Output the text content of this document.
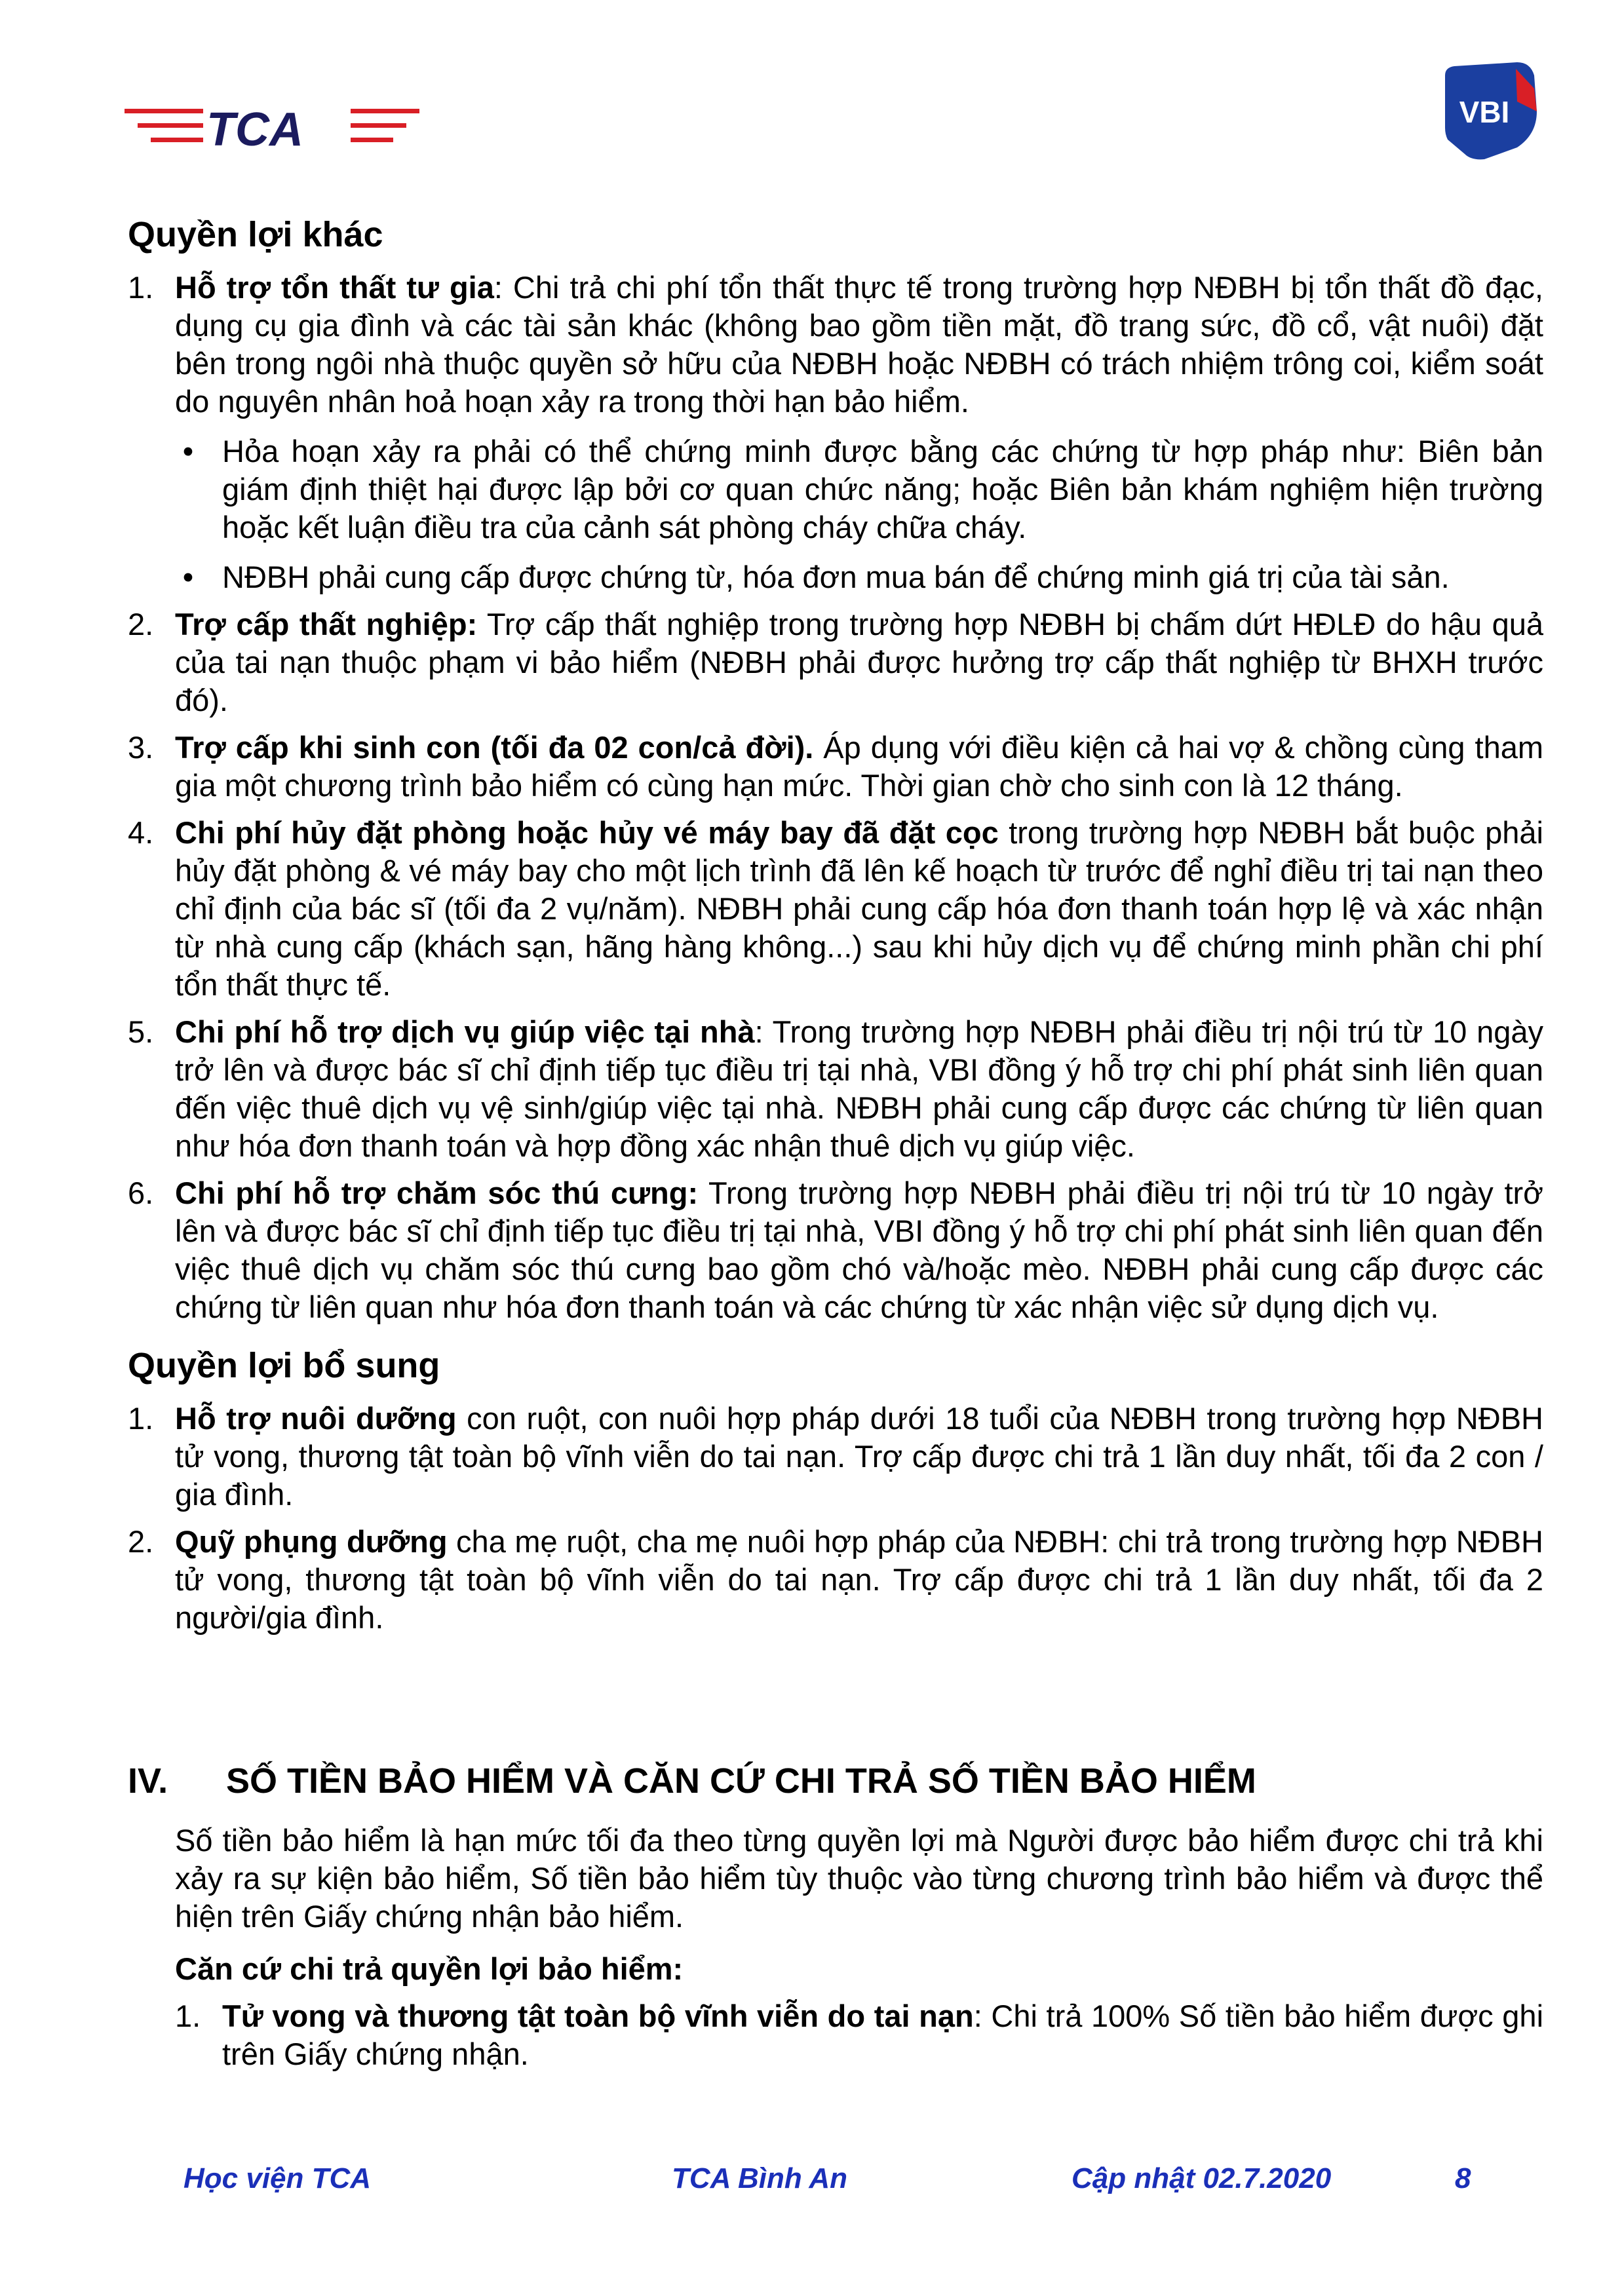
TCA	VBI
Quyền lợi khác
1. Hỗ trợ tổn thất tư gia: Chi trả chi phí tổn thất thực tế trong trường hợp NĐBH bị tổn thất đồ đạc, dụng cụ gia đình và các tài sản khác (không bao gồm tiền mặt, đồ trang sức, đồ cổ, vật nuôi) đặt bên trong ngôi nhà thuộc quyền sở hữu của NĐBH hoặc NĐBH có trách nhiệm trông coi, kiểm soát do nguyên nhân hoả hoạn xảy ra trong thời hạn bảo hiểm.
• Hỏa hoạn xảy ra phải có thể chứng minh được bằng các chứng từ hợp pháp như: Biên bản giám định thiệt hại được lập bởi cơ quan chức năng; hoặc Biên bản khám nghiệm hiện trường hoặc kết luận điều tra của cảnh sát phòng cháy chữa cháy.
• NĐBH phải cung cấp được chứng từ, hóa đơn mua bán để chứng minh giá trị của tài sản.
2. Trợ cấp thất nghiệp: Trợ cấp thất nghiệp trong trường hợp NĐBH bị chấm dứt HĐLĐ do hậu quả của tai nạn thuộc phạm vi bảo hiểm (NĐBH phải được hưởng trợ cấp thất nghiệp từ BHXH trước đó).
3. Trợ cấp khi sinh con (tối đa 02 con/cả đời). Áp dụng với điều kiện cả hai vợ & chồng cùng tham gia một chương trình bảo hiểm có cùng hạn mức. Thời gian chờ cho sinh con là 12 tháng.
4. Chi phí hủy đặt phòng hoặc hủy vé máy bay đã đặt cọc trong trường hợp NĐBH bắt buộc phải hủy đặt phòng & vé máy bay cho một lịch trình đã lên kế hoạch từ trước để nghỉ điều trị tai nạn theo chỉ định của bác sĩ (tối đa 2 vụ/năm). NĐBH phải cung cấp hóa đơn thanh toán hợp lệ và xác nhận từ nhà cung cấp (khách sạn, hãng hàng không...) sau khi hủy dịch vụ để chứng minh phần chi phí tổn thất thực tế.
5. Chi phí hỗ trợ dịch vụ giúp việc tại nhà: Trong trường hợp NĐBH phải điều trị nội trú từ 10 ngày trở lên và được bác sĩ chỉ định tiếp tục điều trị tại nhà, VBI đồng ý hỗ trợ chi phí phát sinh liên quan đến việc thuê dịch vụ vệ sinh/giúp việc tại nhà. NĐBH phải cung cấp được các chứng từ liên quan như hóa đơn thanh toán và hợp đồng xác nhận thuê dịch vụ giúp việc.
6. Chi phí hỗ trợ chăm sóc thú cưng: Trong trường hợp NĐBH phải điều trị nội trú từ 10 ngày trở lên và được bác sĩ chỉ định tiếp tục điều trị tại nhà, VBI đồng ý hỗ trợ chi phí phát sinh liên quan đến việc thuê dịch vụ chăm sóc thú cưng bao gồm chó và/hoặc mèo. NĐBH phải cung cấp được các chứng từ liên quan như hóa đơn thanh toán và các chứng từ xác nhận việc sử dụng dịch vụ.
Quyền lợi bổ sung
1. Hỗ trợ nuôi dưỡng con ruột, con nuôi hợp pháp dưới 18 tuổi của NĐBH trong trường hợp NĐBH tử vong, thương tật toàn bộ vĩnh viễn do tai nạn. Trợ cấp được chi trả 1 lần duy nhất, tối đa 2 con / gia đình.
2. Quỹ phụng dưỡng cha mẹ ruột, cha mẹ nuôi hợp pháp của NĐBH: chi trả trong trường hợp NĐBH tử vong, thương tật toàn bộ vĩnh viễn do tai nạn. Trợ cấp được chi trả 1 lần duy nhất, tối đa 2 người/gia đình.
IV. SỐ TIỀN BẢO HIỂM VÀ CĂN CỨ CHI TRẢ SỐ TIỀN BẢO HIỂM

Số tiền bảo hiểm là hạn mức tối đa theo từng quyền lợi mà Người được bảo hiểm được chi trả khi xảy ra sự kiện bảo hiểm, Số tiền bảo hiểm tùy thuộc vào từng chương trình bảo hiểm và được thể hiện trên Giấy chứng nhận bảo hiểm.

Căn cứ chi trả quyền lợi bảo hiểm:

1. Tử vong và thương tật toàn bộ vĩnh viễn do tai nạn: Chi trả 100% Số tiền bảo hiểm được ghi trên Giấy chứng nhận.
Học viện TCA	TCA Bình An	Cập nhật 02.7.2020	8
